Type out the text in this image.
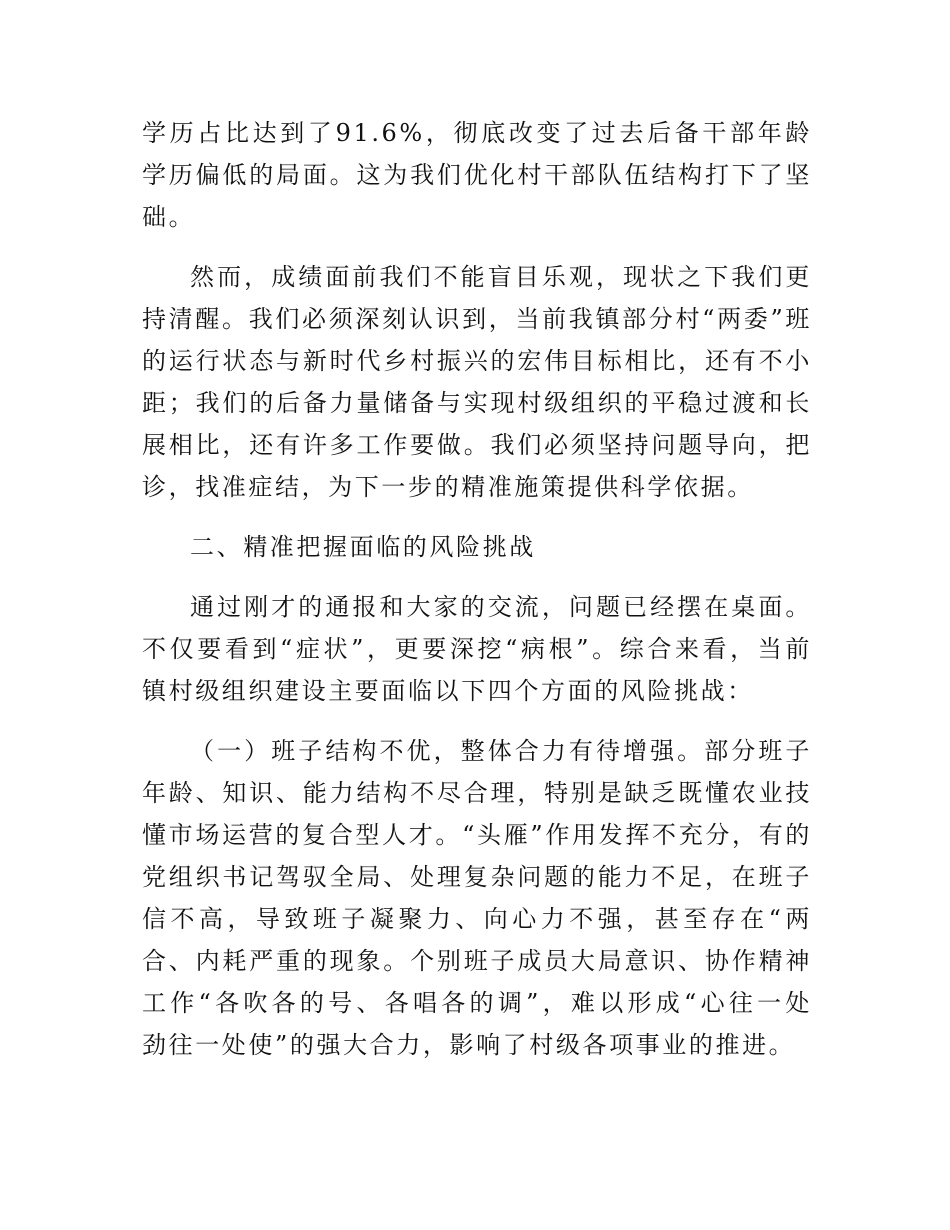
学历占比达到了91.6%，彻底改变了过去后备干部年龄
学历偏低的局面。这为我们优化村干部队伍结构打下了坚
础。
然而，成绩面前我们不能盲目乐观，现状之下我们更
持清醒。我们必须深刻认识到，当前我镇部分村“两委”班
的运行状态与新时代乡村振兴的宏伟目标相比，还有不小
距；我们的后备力量储备与实现村级组织的平稳过渡和长
展相比，还有许多工作要做。我们必须坚持问题导向，把
诊，找准症结，为下一步的精准施策提供科学依据。
二、精准把握面临的风险挑战
通过刚才的通报和大家的交流，问题已经摆在桌面。
不仅要看到“症状”，更要深挖“病根”。综合来看，当前
镇村级组织建设主要面临以下四个方面的风险挑战：
（一）班子结构不优，整体合力有待增强。部分班子
年龄、知识、能力结构不尽合理，特别是缺乏既懂农业技
懂市场运营的复合型人才。“头雁”作用发挥不充分，有的
党组织书记驾驭全局、处理复杂问题的能力不足，在班子
信不高，导致班子凝聚力、向心力不强，甚至存在“两
合、内耗严重的现象。个别班子成员大局意识、协作精神
工作“各吹各的号、各唱各的调”，难以形成“心往一处
劲往一处使”的强大合力，影响了村级各项事业的推进。
